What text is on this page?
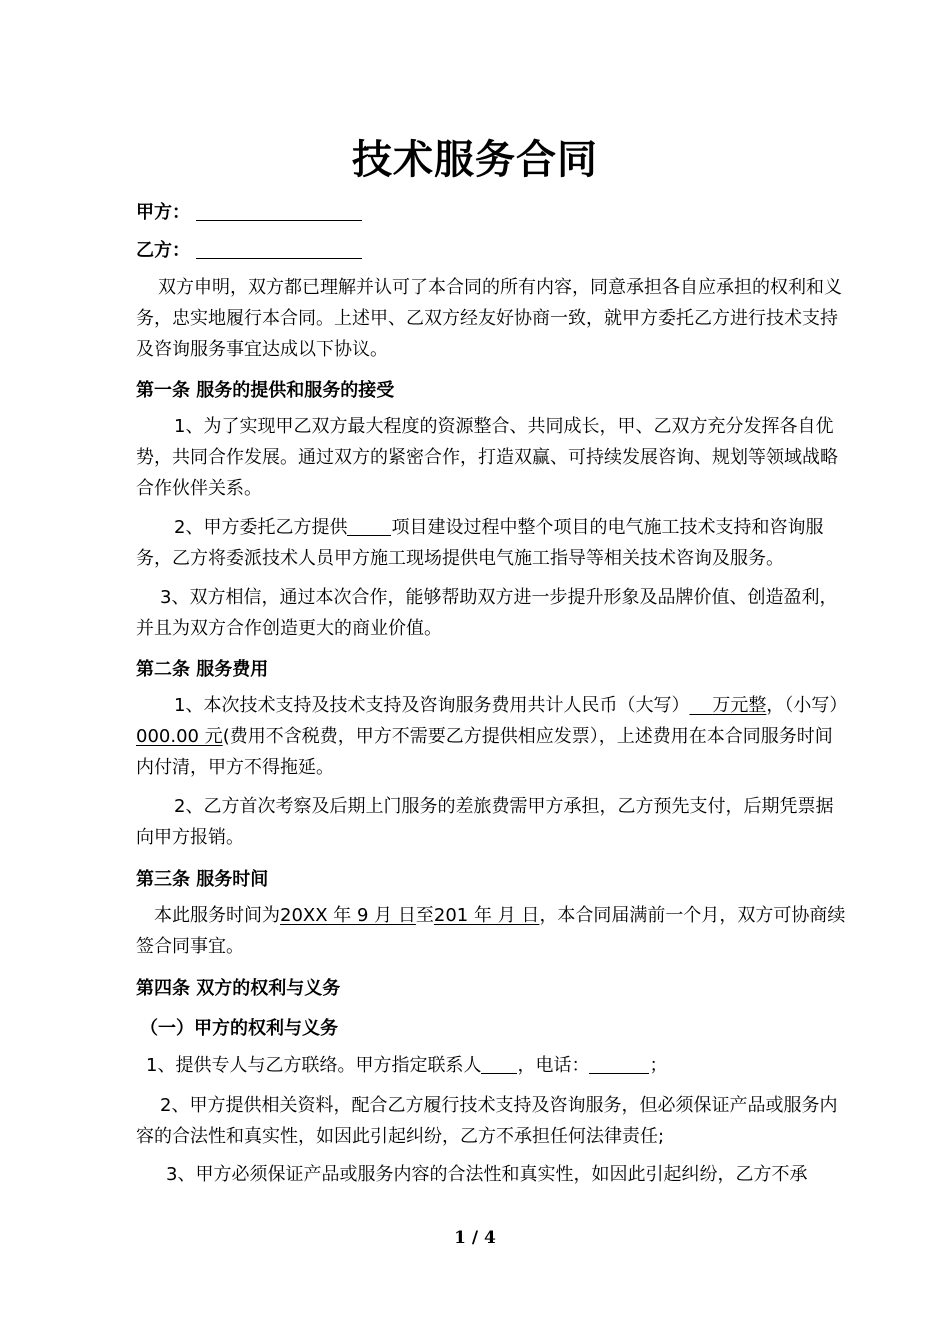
技术服务合同
甲方：
乙方：
双方申明，双方都已理解并认可了本合同的所有内容，同意承担各自应承担的权利和义务，忠实地履行本合同。上述甲、乙双方经友好协商一致，就甲方委托乙方进行技术支持及咨询服务事宜达成以下协议。
第一条 服务的提供和服务的接受
1、为了实现甲乙双方最大程度的资源整合、共同成长，甲、乙双方充分发挥各自优势，共同合作发展。通过双方的紧密合作，打造双赢、可持续发展咨询、规划等领域战略合作伙伴关系。
2、甲方委托乙方提供 项目建设过程中整个项目的电气施工技术支持和咨询服务，乙方将委派技术人员甲方施工现场提供电气施工指导等相关技术咨询及服务。
3、双方相信，通过本次合作，能够帮助双方进一步提升形象及品牌价值、创造盈利，并且为双方合作创造更大的商业价值。
第二条 服务费用
1、本次技术支持及技术支持及咨询服务费用共计人民币（大写） 万元整，（小写）000.00 元(费用不含税费，甲方不需要乙方提供相应发票），上述费用在本合同服务时间内付清，甲方不得拖延。
2、乙方首次考察及后期上门服务的差旅费需甲方承担，乙方预先支付，后期凭票据向甲方报销。
第三条 服务时间
本此服务时间为20XX 年 9 月 日至201 年 月 日，本合同届满前一个月，双方可协商续签合同事宜。
第四条 双方的权利与义务
（一）甲方的权利与义务
1、提供专人与乙方联络。甲方指定联系人 ，电话：	；
2、甲方提供相关资料，配合乙方履行技术支持及咨询服务，但必须保证产品或服务内容的合法性和真实性，如因此引起纠纷，乙方不承担任何法律责任;
3、甲方必须保证产品或服务内容的合法性和真实性，如因此引起纠纷，乙方不承
1 / 4
